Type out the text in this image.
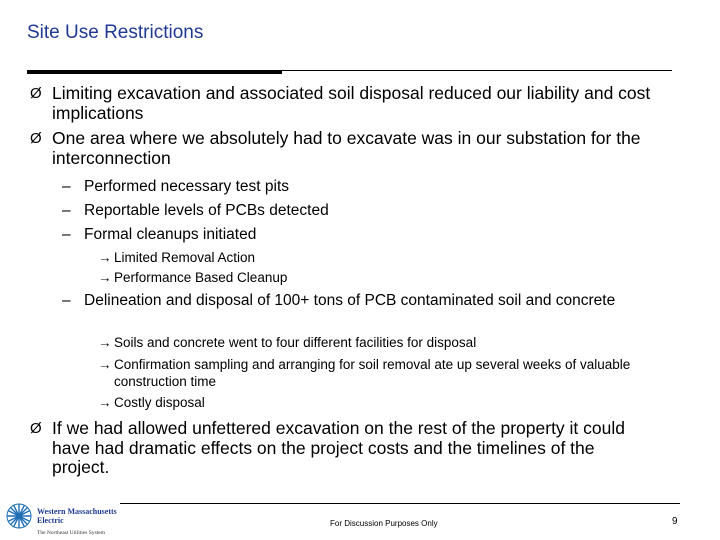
Site Use Restrictions
Ø Limiting excavation and associated soil disposal reduced our liability and cost implications
Ø One area where we absolutely had to excavate was in our substation for the interconnection
– Performed necessary test pits
– Reportable levels of PCBs detected
– Formal cleanups initiated
→ Limited Removal Action
→ Performance Based Cleanup
– Delineation and disposal of 100+ tons of PCB contaminated soil and concrete
→ Soils and concrete went to four different facilities for disposal
→ Confirmation sampling and arranging for soil removal ate up several weeks of valuable construction time
→ Costly disposal
Ø If we had allowed unfettered excavation on the rest of the property it could have had dramatic effects on the project costs and the timelines of the project.
Western Massachusetts
Electric
The Northeast Utilities System
For Discussion Purposes Only	9
